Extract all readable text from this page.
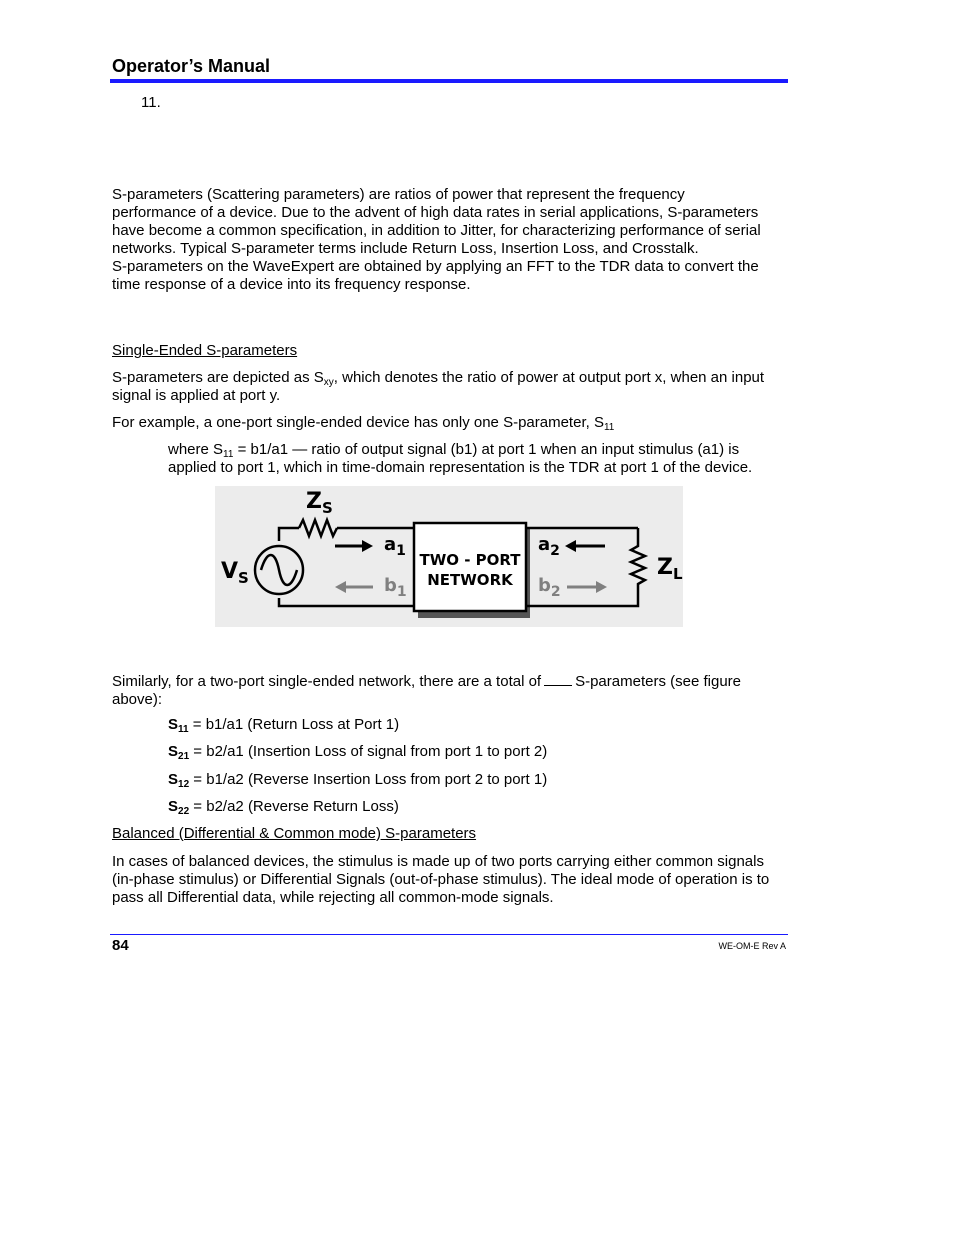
Operator’s Manual
11.
S-parameters (Scattering parameters) are ratios of power that represent the frequency
performance of a device. Due to the advent of high data rates in serial applications, S-parameters
have become a common specification, in addition to Jitter, for characterizing performance of serial
networks. Typical S-parameter terms include Return Loss, Insertion Loss, and Crosstalk.
S-parameters on the WaveExpert are obtained by applying an FFT to the TDR data to convert the
time response of a device into its frequency response.
Single-Ended S-parameters
S-parameters are depicted as $S_{xy}$, which denotes the ratio of power at output port x, when an input
signal is applied at port y.
For example, a one-port single-ended device has only one S-parameter, $S_{11}$
where $S_{11} = b1/a1$ — ratio of output signal (b1) at port 1 when an input stimulus (a1) is
applied to port 1, which in time-domain representation is the TDR at port 1 of the device.
$Z_S$
$V_S$	$Z_L$
$a_1$
$b_1$
$a_2$
$b_2$
TWO - PORT
NETWORK
Similarly, for a two-port single-ended network, there are a total of S-parameters (see figure
above):
$S_{11} = b1/a1$ (Return Loss at Port 1)
$S_{21} = b2/a1$ (Insertion Loss of signal from port 1 to port 2)
$S_{12} = b1/a2$ (Reverse Insertion Loss from port 2 to port 1)
$S_{22} = b2/a2$ (Reverse Return Loss)
Balanced (Differential & Common mode) S-parameters
In cases of balanced devices, the stimulus is made up of two ports carrying either common signals
(in-phase stimulus) or Differential Signals (out-of-phase stimulus). The ideal mode of operation is to
pass all Differential data, while rejecting all common-mode signals.
84	WE-OM-E Rev A
